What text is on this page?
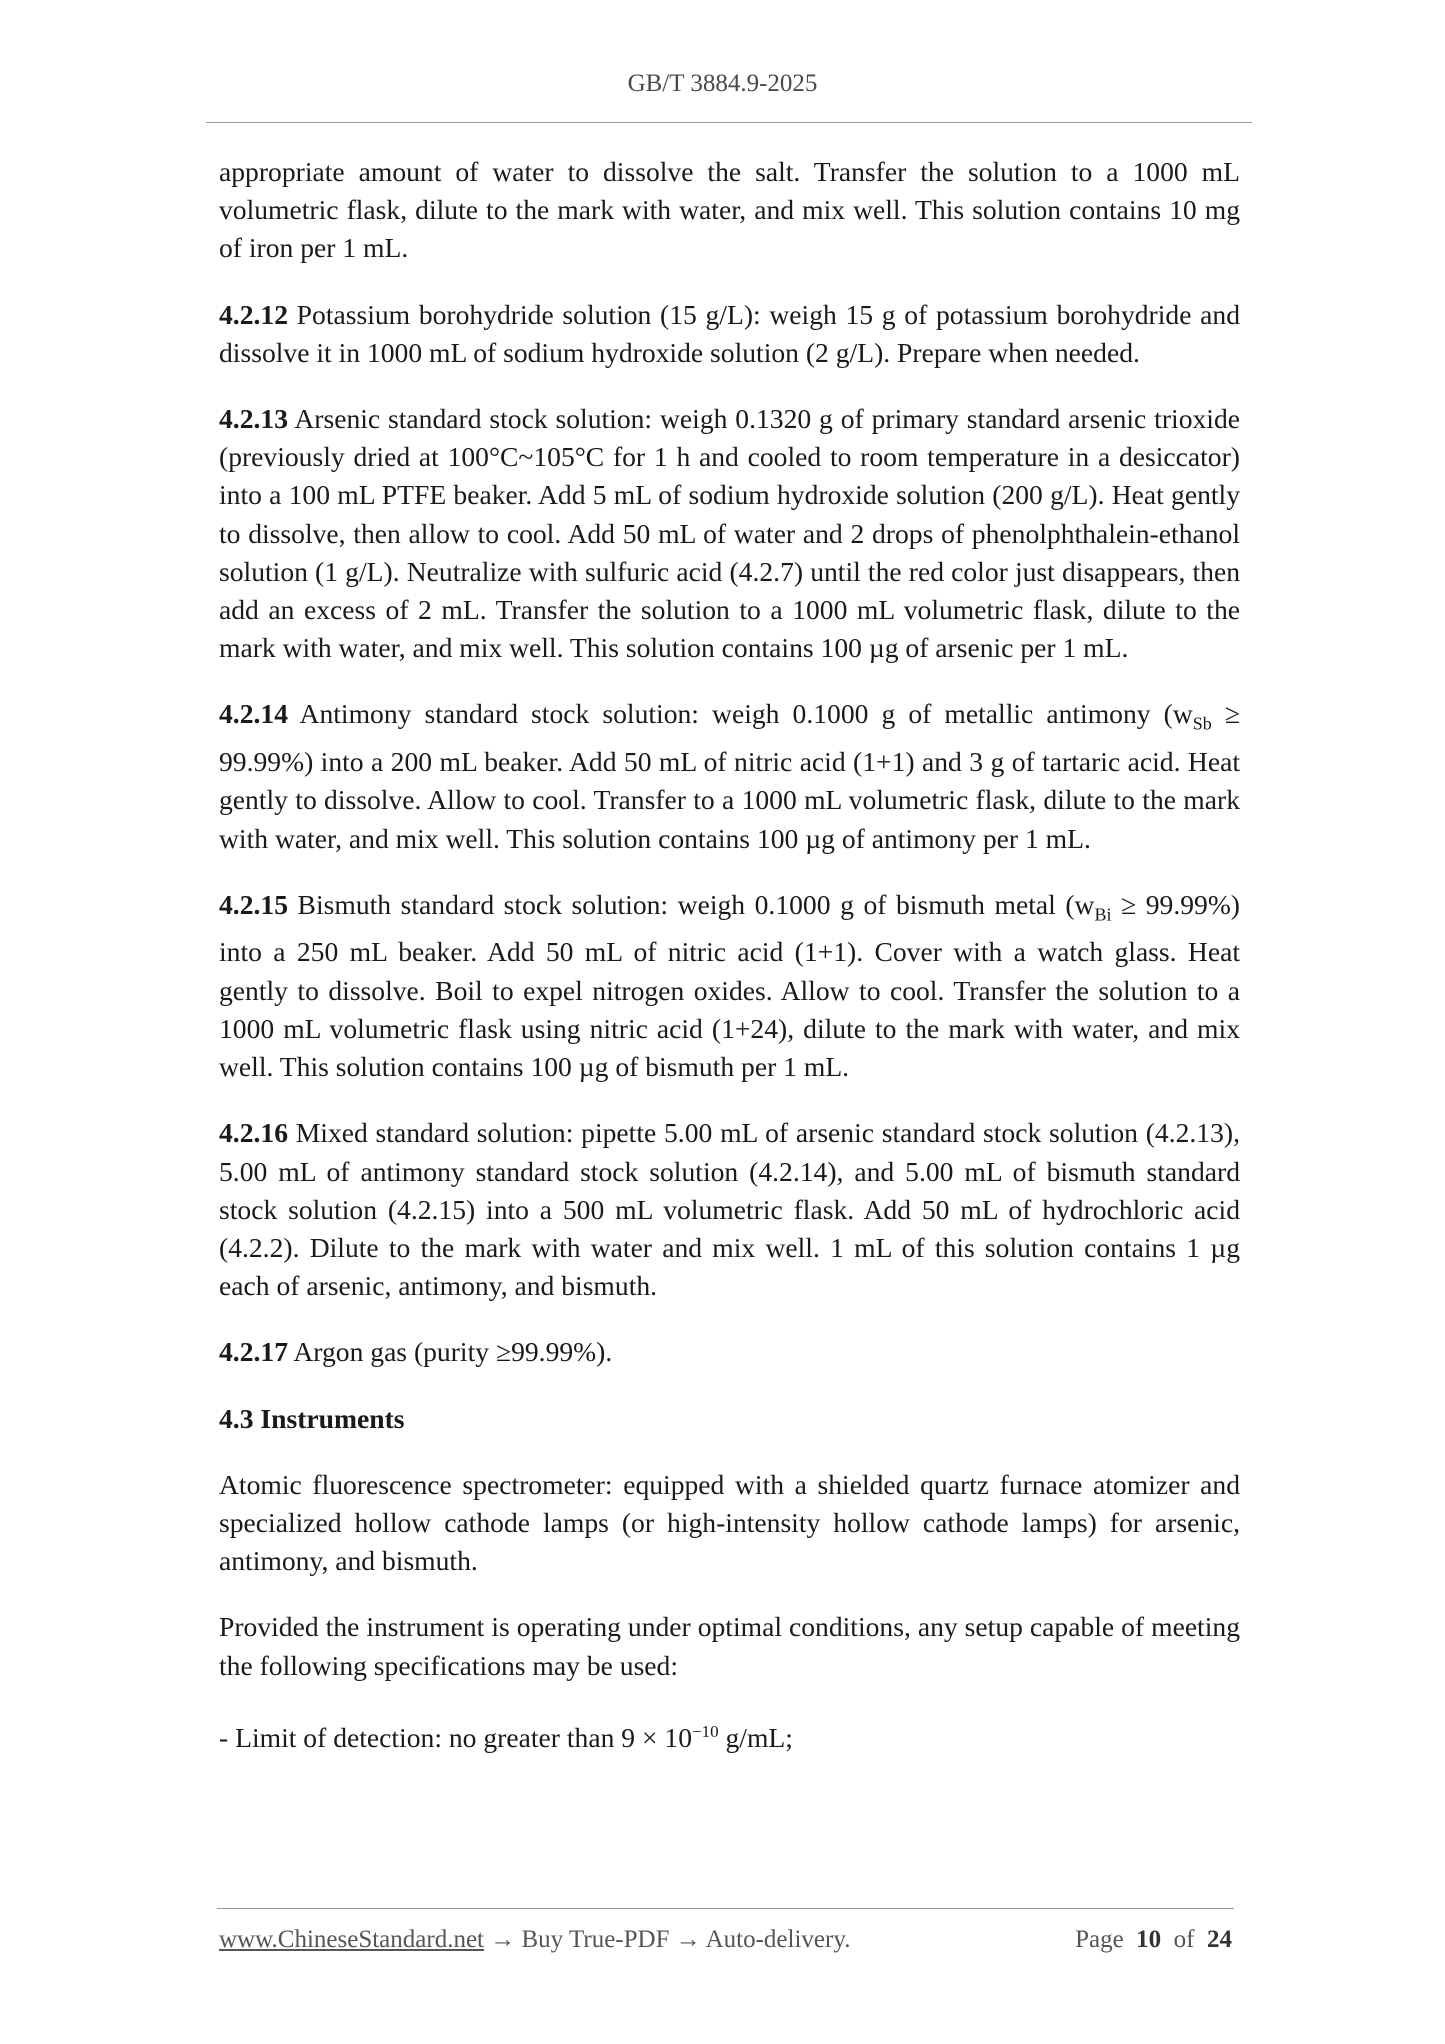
GB/T 3884.9-2025

appropriate amount of water to dissolve the salt. Transfer the solution to a 1000 mL volumetric flask, dilute to the mark with water, and mix well. This solution contains 10 mg of iron per 1 mL.

4.2.12 Potassium borohydride solution (15 g/L): weigh 15 g of potassium borohydride and dissolve it in 1000 mL of sodium hydroxide solution (2 g/L). Prepare when needed.

4.2.13 Arsenic standard stock solution: weigh 0.1320 g of primary standard arsenic trioxide (previously dried at 100°C~105°C for 1 h and cooled to room temperature in a desiccator) into a 100 mL PTFE beaker. Add 5 mL of sodium hydroxide solution (200 g/L). Heat gently to dissolve, then allow to cool. Add 50 mL of water and 2 drops of phenolphthalein-ethanol solution (1 g/L). Neutralize with sulfuric acid (4.2.7) until the red color just disappears, then add an excess of 2 mL. Transfer the solution to a 1000 mL volumetric flask, dilute to the mark with water, and mix well. This solution contains 100 µg of arsenic per 1 mL.

4.2.14 Antimony standard stock solution: weigh 0.1000 g of metallic antimony $(w_{Sb} \ge 99.99\%)$ into a 200 mL beaker. Add 50 mL of nitric acid (1+1) and 3 g of tartaric acid. Heat gently to dissolve. Allow to cool. Transfer to a 1000 mL volumetric flask, dilute to the mark with water, and mix well. This solution contains 100 µg of antimony per 1 mL.

4.2.15 Bismuth standard stock solution: weigh 0.1000 g of bismuth metal $(w_{Bi} \ge 99.99\%)$ into a 250 mL beaker. Add 50 mL of nitric acid (1+1). Cover with a watch glass. Heat gently to dissolve. Boil to expel nitrogen oxides. Allow to cool. Transfer the solution to a 1000 mL volumetric flask using nitric acid (1+24), dilute to the mark with water, and mix well. This solution contains 100 µg of bismuth per 1 mL.

4.2.16 Mixed standard solution: pipette 5.00 mL of arsenic standard stock solution (4.2.13), 5.00 mL of antimony standard stock solution (4.2.14), and 5.00 mL of bismuth standard stock solution (4.2.15) into a 500 mL volumetric flask. Add 50 mL of hydrochloric acid (4.2.2). Dilute to the mark with water and mix well. 1 mL of this solution contains 1 µg each of arsenic, antimony, and bismuth.

4.2.17 Argon gas (purity ≥99.99%).

4.3 Instruments

Atomic fluorescence spectrometer: equipped with a shielded quartz furnace atomizer and specialized hollow cathode lamps (or high-intensity hollow cathode lamps) for arsenic, antimony, and bismuth.

Provided the instrument is operating under optimal conditions, any setup capable of meeting the following specifications may be used:

- Limit of detection: no greater than $9 \times 10^{-10}$ g/mL;

www.ChineseStandard.net → Buy True-PDF → Auto-delivery.	Page 10 of 24
